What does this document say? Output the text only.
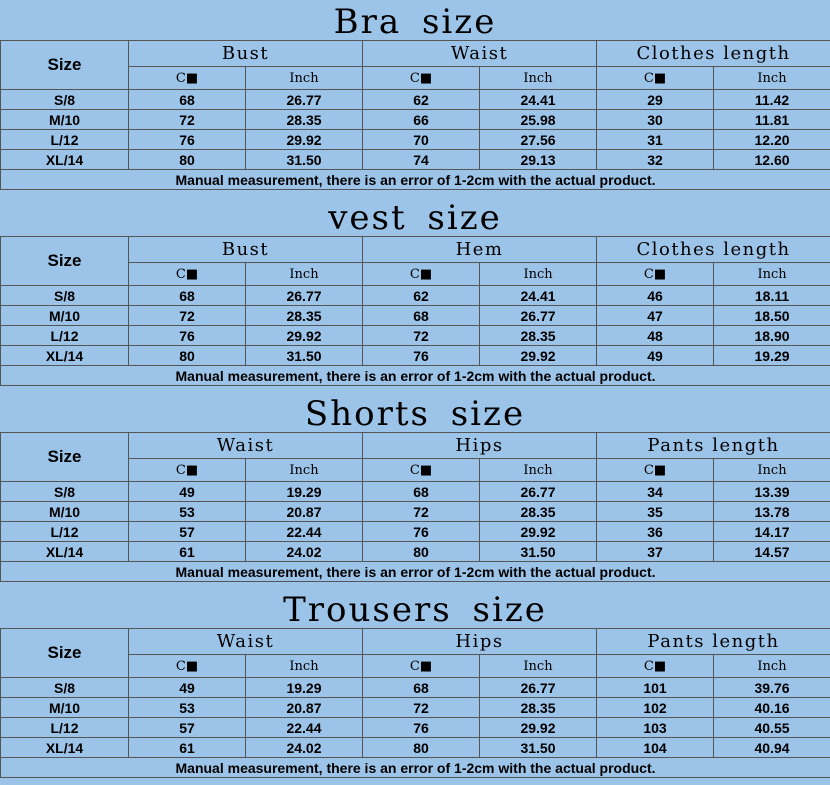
Bra size
Size	Bust		Waist		Clothes length	
	C■	Inch	C■	Inch	C■	Inch
S/8	68	26.77	62	24.41	29	11.42
M/10	72	28.35	66	25.98	30	11.81
L/12	76	29.92	70	27.56	31	12.20
XL/14	80	31.50	74	29.13	32	12.60
Manual measurement, there is an error of 1-2cm with the actual product.						
vest size
Size	Bust		Hem		Clothes length	
	C■	Inch	C■	Inch	C■	Inch
S/8	68	26.77	62	24.41	46	18.11
M/10	72	28.35	68	26.77	47	18.50
L/12	76	29.92	72	28.35	48	18.90
XL/14	80	31.50	76	29.92	49	19.29
Manual measurement, there is an error of 1-2cm with the actual product.						
Shorts size
Size	Waist		Hips		Pants length	
	C■	Inch	C■	Inch	C■	Inch
S/8	49	19.29	68	26.77	34	13.39
M/10	53	20.87	72	28.35	35	13.78
L/12	57	22.44	76	29.92	36	14.17
XL/14	61	24.02	80	31.50	37	14.57
Manual measurement, there is an error of 1-2cm with the actual product.						
Trousers size
Size	Waist		Hips		Pants length	
	C■	Inch	C■	Inch	C■	Inch
S/8	49	19.29	68	26.77	101	39.76
M/10	53	20.87	72	28.35	102	40.16
L/12	57	22.44	76	29.92	103	40.55
XL/14	61	24.02	80	31.50	104	40.94
Manual measurement, there is an error of 1-2cm with the actual product.						
